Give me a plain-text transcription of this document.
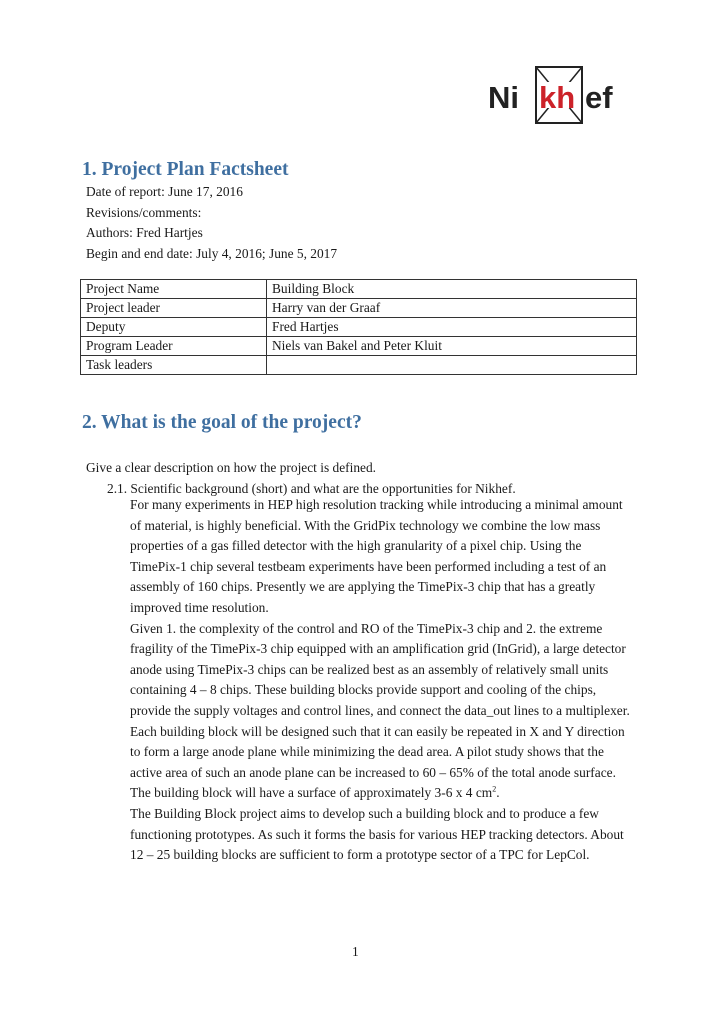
Ni kh ef
1. Project Plan Factsheet
Date of report: June 17, 2016
Revisions/comments:
Authors: Fred Hartjes
Begin and end date: July 4, 2016; June 5, 2017
Project Name	Building Block
Project leader	Harry van der Graaf
Deputy	Fred Hartjes
Program Leader	Niels van Bakel and Peter Kluit
Task leaders	
2. What is the goal of the project?
Give a clear description on how the project is defined.
2.1. Scientific background (short) and what are the opportunities for Nikhef.

For many experiments in HEP high resolution tracking while introducing a minimal amount of material, is highly beneficial. With the GridPix technology we combine the low mass properties of a gas filled detector with the high granularity of a pixel chip. Using the TimePix-1 chip several testbeam experiments have been performed including a test of an assembly of 160 chips. Presently we are applying the TimePix-3 chip that has a greatly improved time resolution.

Given 1. the complexity of the control and RO of the TimePix-3 chip and 2. the extreme fragility of the TimePix-3 chip equipped with an amplification grid (InGrid), a large detector anode using TimePix-3 chips can be realized best as an assembly of relatively small units containing 4 – 8 chips. These building blocks provide support and cooling of the chips, provide the supply voltages and control lines, and connect the data_out lines to a multiplexer. Each building block will be designed such that it can easily be repeated in X and Y direction to form a large anode plane while minimizing the dead area. A pilot study shows that the active area of such an anode plane can be increased to 60 – 65% of the total anode surface. The building block will have a surface of approximately 3-6 x 4 $cm^2$.

The Building Block project aims to develop such a building block and to produce a few functioning prototypes. As such it forms the basis for various HEP tracking detectors. About 12 – 25 building blocks are sufficient to form a prototype sector of a TPC for LepCol.

1
